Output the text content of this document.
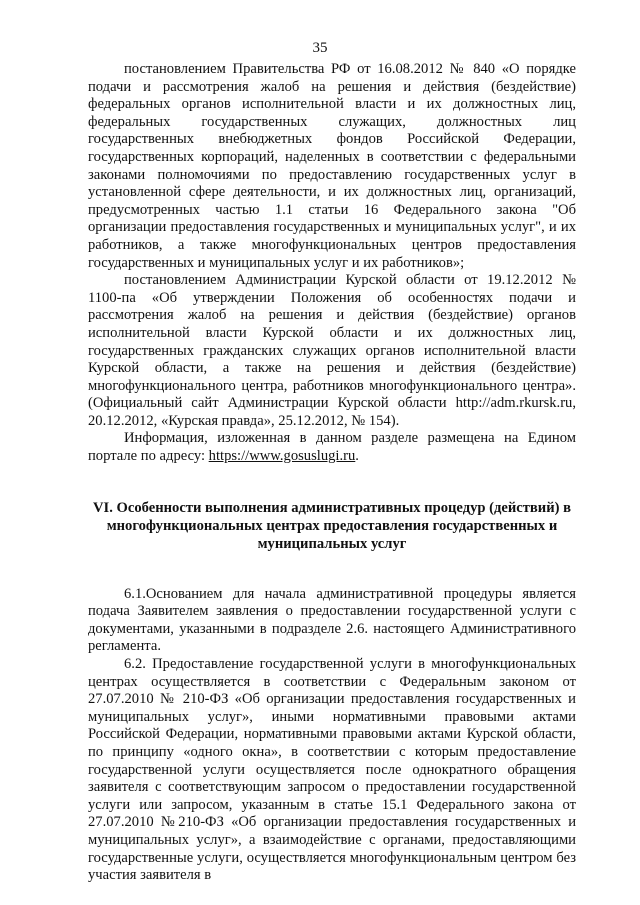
35

постановлением Правительства РФ от 16.08.2012 № 840 «О порядке подачи и рассмотрения жалоб на решения и действия (бездействие) федеральных органов исполнительной власти и их должностных лиц, федеральных государственных служащих, должностных лиц государственных внебюджетных фондов Российской Федерации, государственных корпораций, наделенных в соответствии с федеральными законами полномочиями по предоставлению государственных услуг в установленной сфере деятельности, и их должностных лиц, организаций, предусмотренных частью 1.1 статьи 16 Федерального закона "Об организации предоставления государственных и муниципальных услуг", и их работников, а также многофункциональных центров предоставления государственных и муниципальных услуг и их работников»;

постановлением Администрации Курской области от 19.12.2012 № 1100-па «Об утверждении Положения об особенностях подачи и рассмотрения жалоб на решения и действия (бездействие) органов исполнительной власти Курской области и их должностных лиц, государственных гражданских служащих органов исполнительной власти Курской области, а также на решения и действия (бездействие) многофункционального центра, работников многофункционального центра». (Официальный сайт Администрации Курской области http://adm.rkursk.ru, 20.12.2012, «Курская правда», 25.12.2012, № 154).

Информация, изложенная в данном разделе размещена на Едином портале по адресу: https://www.gosuslugi.ru.

VI. Особенности выполнения административных процедур (действий) в многофункциональных центрах предоставления государственных и муниципальных услуг

6.1.Основанием для начала административной процедуры является подача Заявителем заявления о предоставлении государственной услуги с документами, указанными в подразделе 2.6. настоящего Административного регламента.

6.2. Предоставление государственной услуги в многофункциональных центрах осуществляется в соответствии с Федеральным законом от 27.07.2010 № 210-ФЗ «Об организации предоставления государственных и муниципальных услуг», иными нормативными правовыми актами Российской Федерации, нормативными правовыми актами Курской области, по принципу «одного окна», в соответствии с которым предоставление государственной услуги осуществляется после однократного обращения заявителя с соответствующим запросом о предоставлении государственной услуги или запросом, указанным в статье 15.1 Федерального закона от 27.07.2010 №210-ФЗ «Об организации предоставления государственных и муниципальных услуг», а взаимодействие с органами, предоставляющими государственные услуги, осуществляется многофункциональным центром без участия заявителя в
